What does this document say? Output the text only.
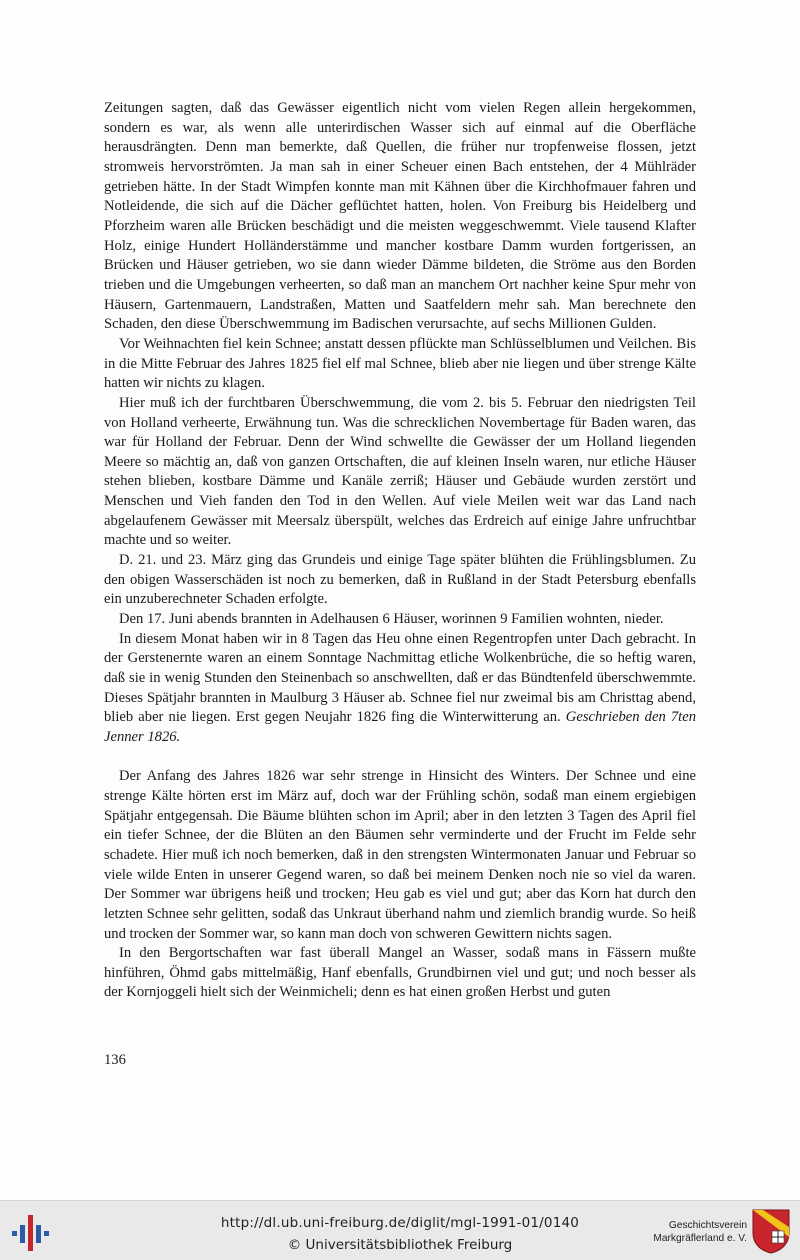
Zeitungen sagten, daß das Gewässer eigentlich nicht vom vielen Regen allein hergekommen, sondern es war, als wenn alle unterirdischen Wasser sich auf einmal auf die Oberfläche herausdrängten. Denn man bemerkte, daß Quellen, die früher nur tropfenweise flossen, jetzt stromweis hervorströmten. Ja man sah in einer Scheuer einen Bach entstehen, der 4 Mühlräder getrieben hätte. In der Stadt Wimpfen konnte man mit Kähnen über die Kirchhofmauer fahren und Notleidende, die sich auf die Dächer geflüchtet hatten, holen. Von Freiburg bis Heidelberg und Pforzheim waren alle Brücken beschädigt und die meisten weggeschwemmt. Viele tausend Klafter Holz, einige Hundert Holländerstämme und mancher kostbare Damm wurden fortgerissen, an Brücken und Häuser getrieben, wo sie dann wieder Dämme bildeten, die Ströme aus den Borden trieben und die Umgebungen verheerten, so daß man an manchem Ort nachher keine Spur mehr von Häusern, Gartenmauern, Landstraßen, Matten und Saatfeldern mehr sah. Man berechnete den Schaden, den diese Überschwemmung im Badischen verursachte, auf sechs Millionen Gulden.

Vor Weihnachten fiel kein Schnee; anstatt dessen pflückte man Schlüsselblumen und Veilchen. Bis in die Mitte Februar des Jahres 1825 fiel elf mal Schnee, blieb aber nie liegen und über strenge Kälte hatten wir nichts zu klagen.

Hier muß ich der furchtbaren Überschwemmung, die vom 2. bis 5. Februar den niedrigsten Teil von Holland verheerte, Erwähnung tun. Was die schrecklichen Novembertage für Baden waren, das war für Holland der Februar. Denn der Wind schwellte die Gewässer der um Holland liegenden Meere so mächtig an, daß von ganzen Ortschaften, die auf kleinen Inseln waren, nur etliche Häuser stehen blieben, kostbare Dämme und Kanäle zerriß; Häuser und Gebäude wurden zerstört und Menschen und Vieh fanden den Tod in den Wellen. Auf viele Meilen weit war das Land nach abgelaufenem Gewässer mit Meersalz überspült, welches das Erdreich auf einige Jahre unfruchtbar machte und so weiter.

D. 21. und 23. März ging das Grundeis und einige Tage später blühten die Frühlingsblumen. Zu den obigen Wasserschäden ist noch zu bemerken, daß in Rußland in der Stadt Petersburg ebenfalls ein unzuberechneter Schaden erfolgte.

Den 17. Juni abends brannten in Adelhausen 6 Häuser, worinnen 9 Familien wohnten, nieder.

In diesem Monat haben wir in 8 Tagen das Heu ohne einen Regentropfen unter Dach gebracht. In der Gerstenernte waren an einem Sonntage Nachmittag etliche Wolkenbrüche, die so heftig waren, daß sie in wenig Stunden den Steinenbach so anschwellten, daß er das Bündtenfeld überschwemmte. Dieses Spätjahr brannten in Maulburg 3 Häuser ab. Schnee fiel nur zweimal bis am Christtag abend, blieb aber nie liegen. Erst gegen Neujahr 1826 fing die Winterwitterung an. Geschrieben den 7ten Jenner 1826.

Der Anfang des Jahres 1826 war sehr strenge in Hinsicht des Winters. Der Schnee und eine strenge Kälte hörten erst im März auf, doch war der Frühling schön, sodaß man einem ergiebigen Spätjahr entgegensah. Die Bäume blühten schon im April; aber in den letzten 3 Tagen des April fiel ein tiefer Schnee, der die Blüten an den Bäumen sehr verminderte und der Frucht im Felde sehr schadete. Hier muß ich noch bemerken, daß in den strengsten Wintermonaten Januar und Februar so viele wilde Enten in unserer Gegend waren, so daß bei meinem Denken noch nie so viel da waren. Der Sommer war übrigens heiß und trocken; Heu gab es viel und gut; aber das Korn hat durch den letzten Schnee sehr gelitten, sodaß das Unkraut überhand nahm und ziemlich brandig wurde. So heiß und trocken der Sommer war, so kann man doch von schweren Gewittern nichts sagen.

In den Bergortschaften war fast überall Mangel an Wasser, sodaß mans in Fässern mußte hinführen, Öhmd gabs mittelmäßig, Hanf ebenfalls, Grundbirnen viel und gut; und noch besser als der Kornjoggeli hielt sich der Weinmicheli; denn es hat einen großen Herbst und guten

136
http://dl.ub.uni-freiburg.de/diglit/mgl-1991-01/0140
© Universitätsbibliothek Freiburg
Geschichtsverein
Markgräflerland e. V.
